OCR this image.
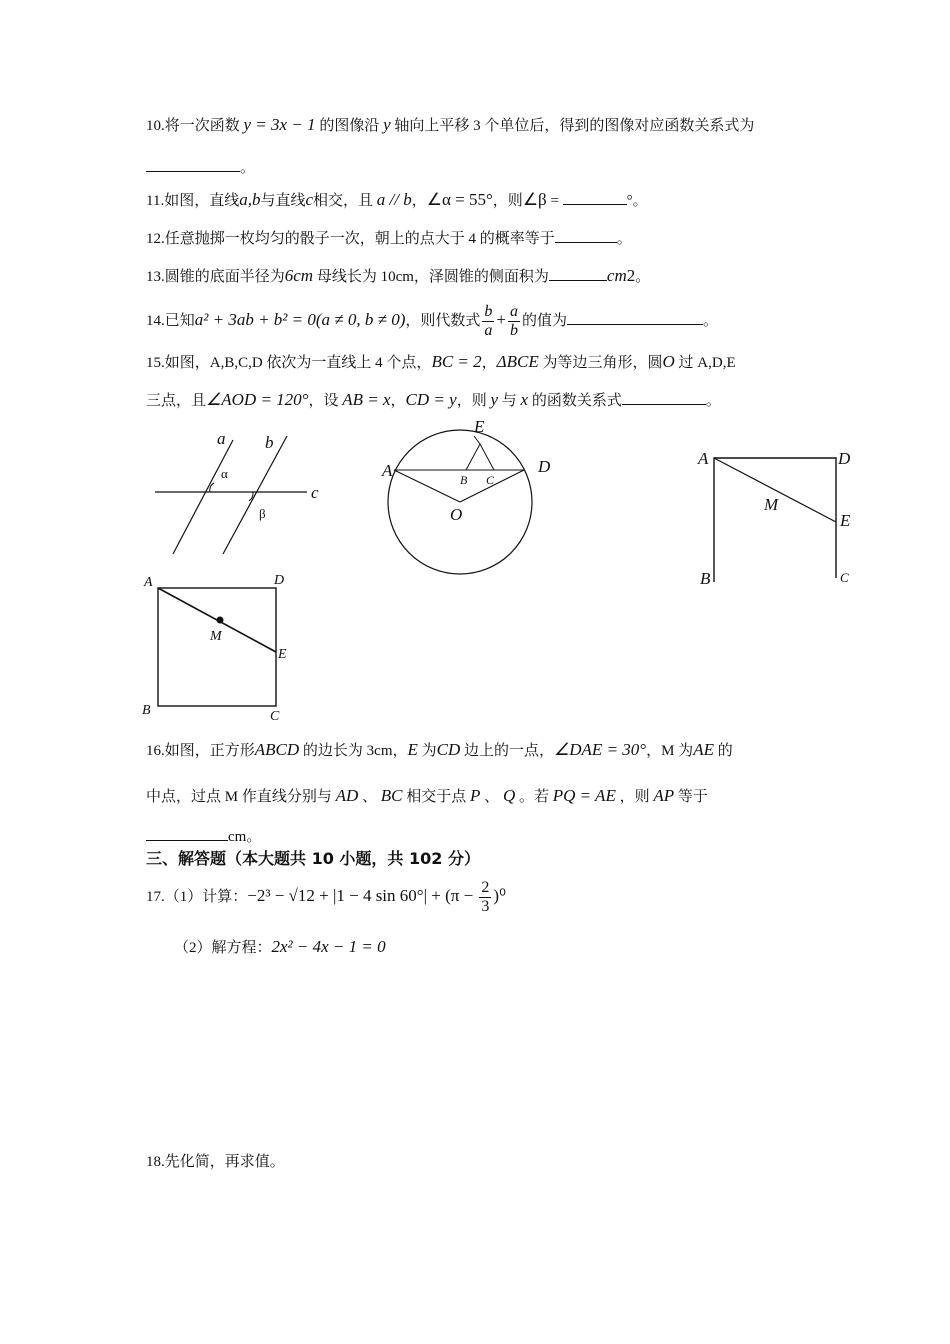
10.将一次函数 y = 3x − 1 的图像沿 y 轴向上平移 3 个单位后，得到的图像对应函数关系式为
。
11.如图，直线a,b与直线c相交，且 a // b，∠α = 55°，则∠β =	°。
12.任意抛掷一枚均匀的骰子一次，朝上的点大于 4 的概率等于	。
13.圆锥的底面半径为6cm 母线长为 10cm，泽圆锥的侧面积为	cm2。
14.已知a² + 3ab + b² = 0(a ≠ 0, b ≠ 0)，则代数式 $\frac{b}{a} + \frac{a}{b}$ 的值为	。
15.如图，A,B,C,D 依次为一直线上 4 个点，BC = 2，ΔBCE 为等边三角形，圆O 过 A,D,E
三点，且∠AOD = 120°，设 AB = x，CD = y，则 y 与 x 的函数关系式	。
a b
c
α
β
E
A	B C
D
O
A	D
M
E
B	C
A	D
M
E
B	C
16.如图，正方形ABCD 的边长为 3cm，E 为CD 边上的一点，∠DAE = 30°，M 为AE 的
中点，过点 M 作直线分别与 AD 、 BC 相交于点 P 、 Q 。若 PQ = AE ，则 AP 等于
cm。
三、解答题（本大题共 10 小题，共 102 分）
17.（1）计算：−2³ − √12 + |1 − 4 $\sin 60^\circ| + (\pi - \frac{2}{3} )^0$
（2）解方程：2x² − 4x − 1 = 0
18.先化简，再求值。
